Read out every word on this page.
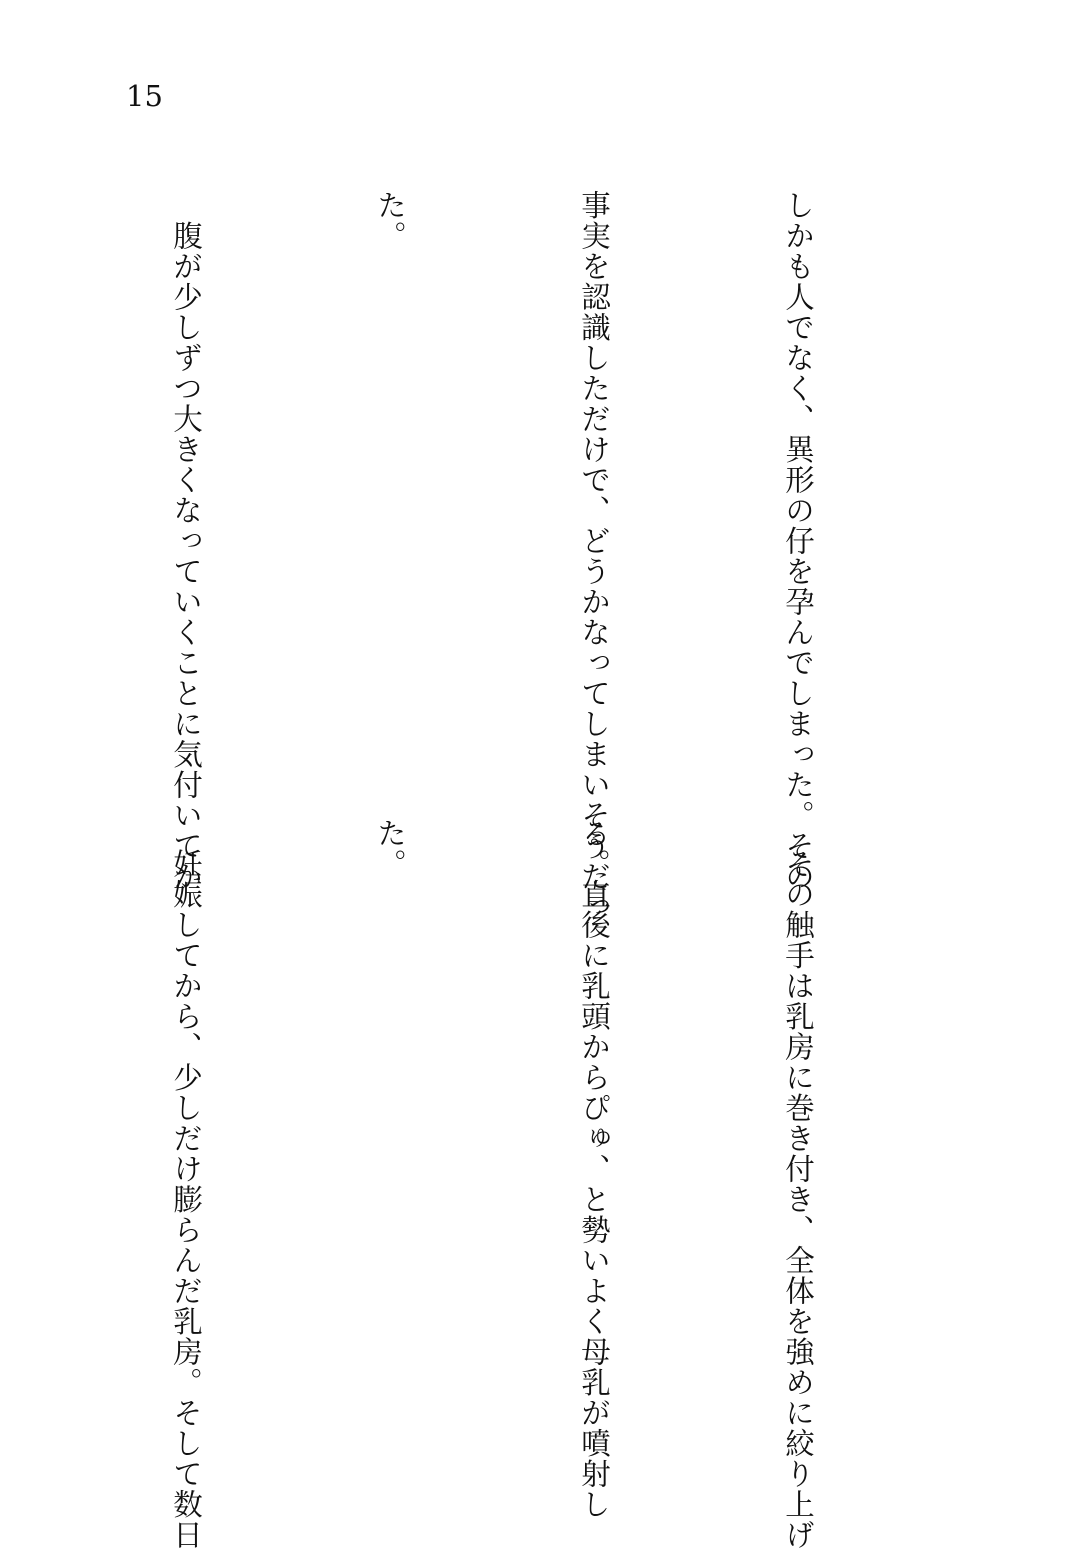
15

しかも人でなく、異形の仔を孕んでしまった。その

事実を認識しただけで、どうかなってしまいそうだっ

た。

　腹が少しずつ大きくなっていくことに気付いてか

　その触手は乳房に巻き付き、全体を強めに絞り上げ

る。直後に乳頭からぴゅ、と勢いよく母乳が噴射し

た。

　妊娠してから、少しだけ膨らんだ乳房。そして数日
